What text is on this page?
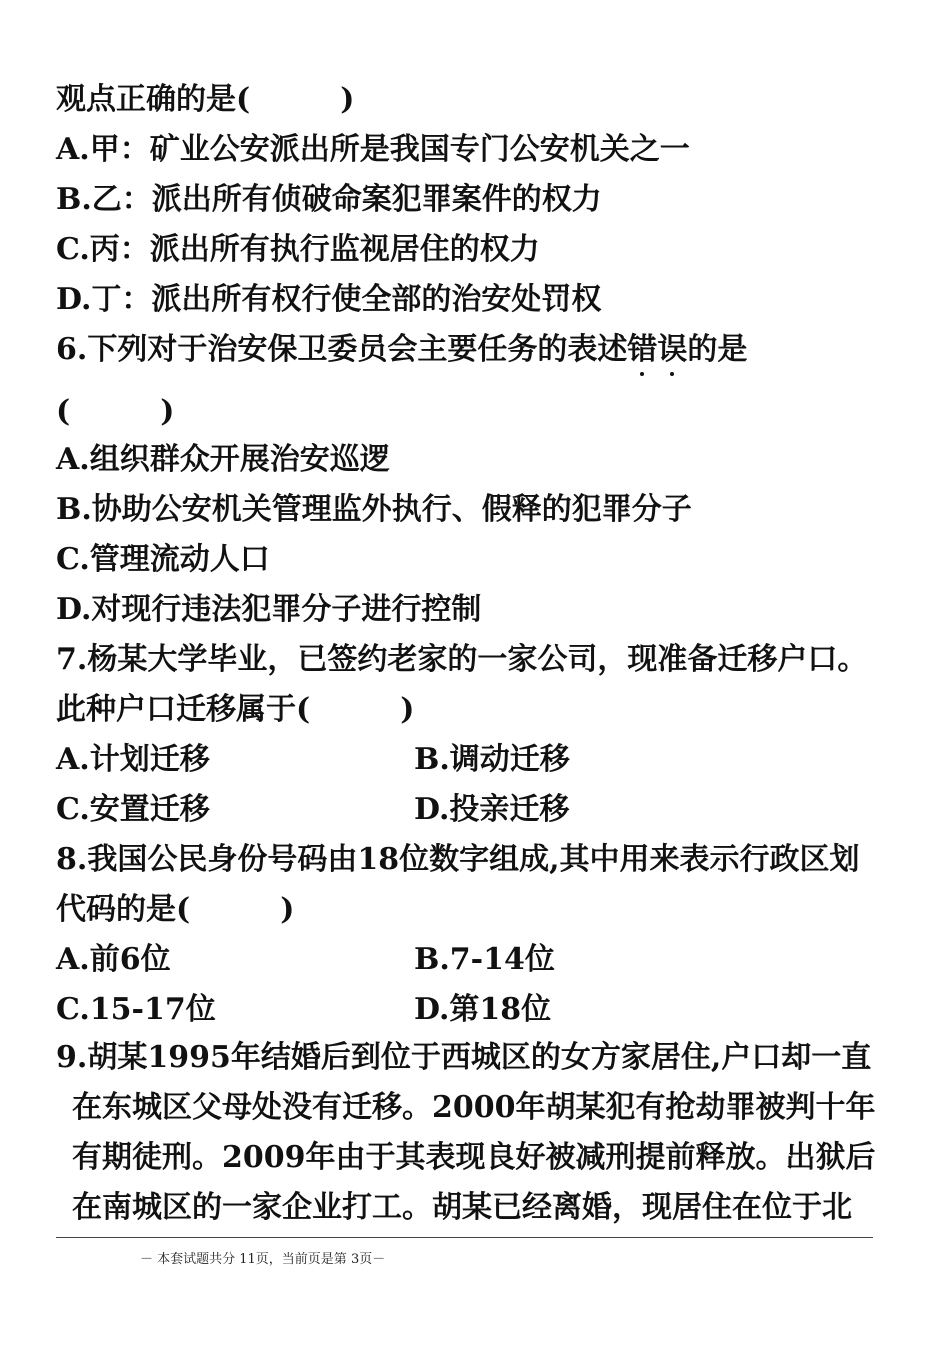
观点正确的是(　　　)
A.甲：矿业公安派出所是我国专门公安机关之一
B.乙：派出所有侦破命案犯罪案件的权力
C.丙：派出所有执行监视居住的权力
D.丁：派出所有权行使全部的治安处罚权
6.下列对于治安保卫委员会主要任务的表述错误的是
(　　　)
A.组织群众开展治安巡逻
B.协助公安机关管理监外执行、假释的犯罪分子
C.管理流动人口
D.对现行违法犯罪分子进行控制
7.杨某大学毕业，已签约老家的一家公司，现准备迁移户口。
此种户口迁移属于(　　　)
A.计划迁移	B.调动迁移
C.安置迁移	D.投亲迁移
8.我国公民身份号码由18位数字组成,其中用来表示行政区划
代码的是(　　　)
A.前6位	B.7-14位
C.15-17位	D.第18位
9.胡某1995年结婚后到位于西城区的女方家居住,户口却一直
在东城区父母处没有迁移。2000年胡某犯有抢劫罪被判十年
有期徒刑。2009年由于其表现良好被减刑提前释放。出狱后
在南城区的一家企业打工。胡某已经离婚，现居住在位于北
－ 本套试题共分 11页，当前页是第 3页－
